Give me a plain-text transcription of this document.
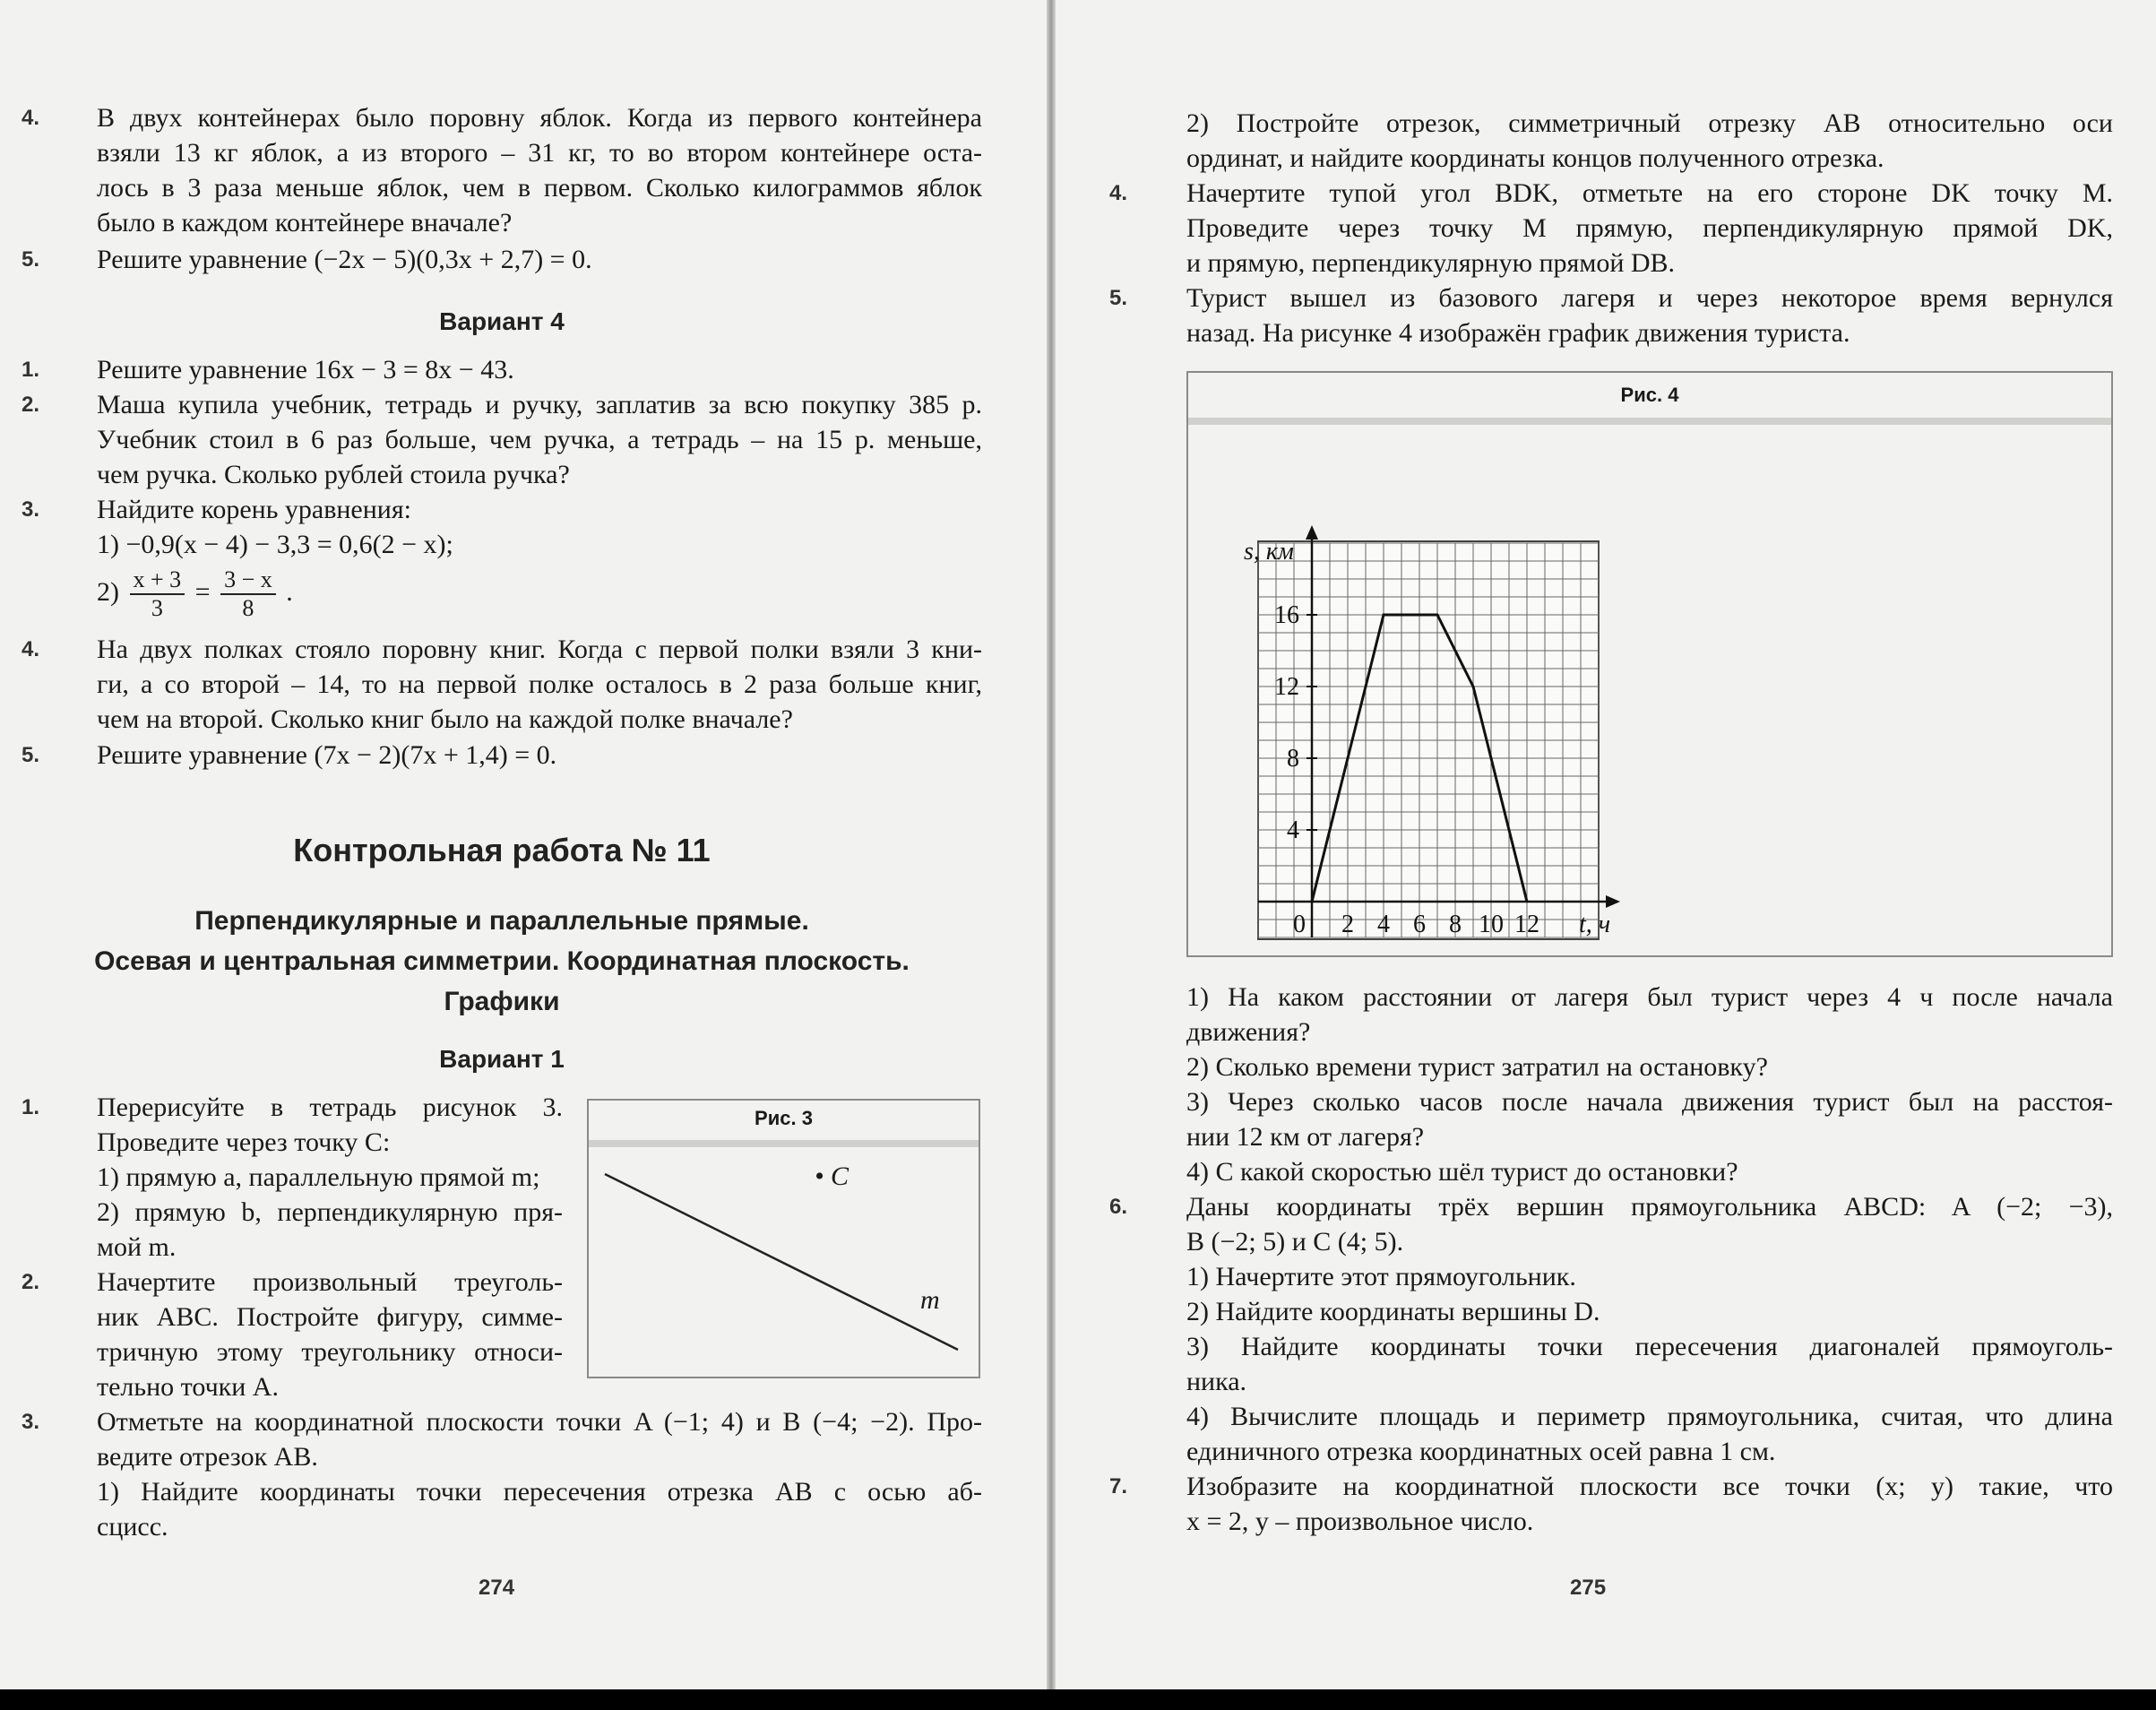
4. В двух контейнерах было поровну яблок. Когда из первого контейнера
взяли 13 кг яблок, а из второго – 31 кг, то во втором контейнере оста-
лось в 3 раза меньше яблок, чем в первом. Сколько килограммов яблок
было в каждом контейнере вначале?
5. Решите уравнение (−2x − 5)(0,3x + 2,7) = 0.
Вариант 4
1. Решите уравнение 16x − 3 = 8x − 43.
2. Маша купила учебник, тетрадь и ручку, заплатив за всю покупку 385 р.
Учебник стоил в 6 раз больше, чем ручка, а тетрадь – на 15 р. меньше,
чем ручка. Сколько рублей стоила ручка?
3. Найдите корень уравнения:
1) −0,9(x − 4) − 3,3 = 0,6(2 − x);
$2) \frac{x + 3}{3} = \frac{3 - x}{8}$ .
4. На двух полках стояло поровну книг. Когда с первой полки взяли 3 кни-
ги, а со второй – 14, то на первой полке осталось в 2 раза больше книг,
чем на второй. Сколько книг было на каждой полке вначале?
5. Решите уравнение (7x − 2)(7x + 1,4) = 0.
Контрольная работа № 11
Перпендикулярные и параллельные прямые.
Осевая и центральная симметрии. Координатная плоскость.
Графики
Вариант 1
1. Перерисуйте в тетрадь рисунок 3.
Проведите через точку C:
1) прямую a, параллельную прямой m;
2) прямую b, перпендикулярную пря-
мой m.
2. Начертите произвольный треуголь-
ник ABC. Постройте фигуру, симме-
тричную этому треугольнику относи-
тельно точки A.
Рис. 3
• C
m
3. Отметьте на координатной плоскости точки A (−1; 4) и B (−4; −2). Про-
ведите отрезок AB.
1) Найдите координаты точки пересечения отрезка AB с осью аб-
сцисс.
274
2) Постройте отрезок, симметричный отрезку AB относительно оси
ординат, и найдите координаты концов полученного отрезка.
4. Начертите тупой угол BDK, отметьте на его стороне DK точку M.
Проведите через точку M прямую, перпендикулярную прямой DK,
и прямую, перпендикулярную прямой DB.
5. Турист вышел из базового лагеря и через некоторое время вернулся
назад. На рисунке 4 изображён график движения туриста.
Рис. 4
0 2 4 6 8 10 12
4
8
12
16
s, км
t, ч
1) На каком расстоянии от лагеря был турист через 4 ч после начала
движения?
2) Сколько времени турист затратил на остановку?
3) Через сколько часов после начала движения турист был на расстоя-
нии 12 км от лагеря?
4) С какой скоростью шёл турист до остановки?
6. Даны координаты трёх вершин прямоугольника ABCD: A (−2; −3),
B (−2; 5) и C (4; 5).
1) Начертите этот прямоугольник.
2) Найдите координаты вершины D.
3) Найдите координаты точки пересечения диагоналей прямоуголь-
ника.
4) Вычислите площадь и периметр прямоугольника, считая, что длина
единичного отрезка координатных осей равна 1 см.
7. Изобразите на координатной плоскости все точки (x; y) такие, что
x = 2, y – произвольное число.
275
